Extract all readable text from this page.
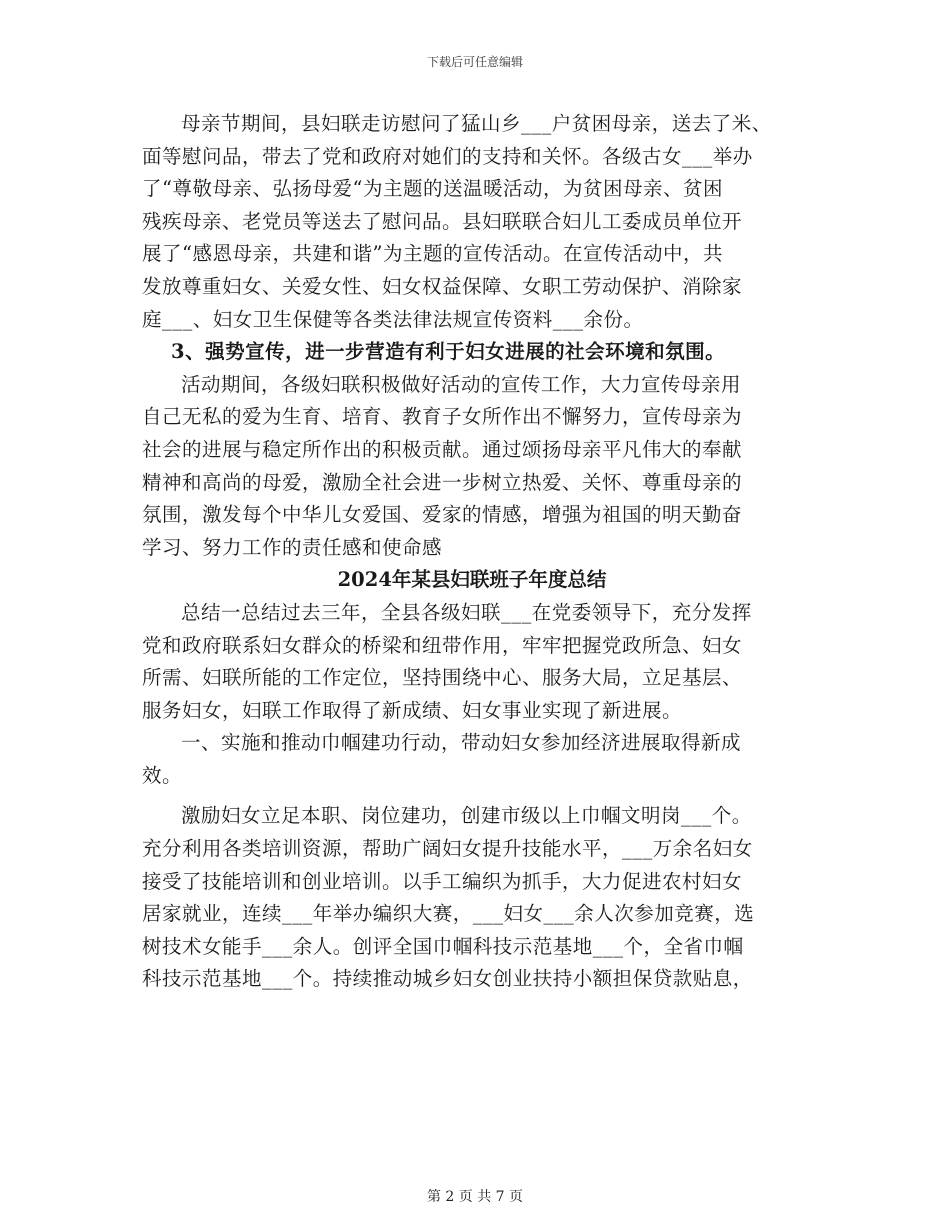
下载后可任意编辑

母亲节期间，县妇联走访慰问了猛山乡___户贫困母亲，送去了米、
面等慰问品，带去了党和政府对她们的支持和关怀。各级古女___举办
了“尊敬母亲、弘扬母爱“为主题的送温暖活动，为贫困母亲、贫困
残疾母亲、老党员等送去了慰问品。县妇联联合妇儿工委成员单位开
展了“感恩母亲，共建和谐”为主题的宣传活动。在宣传活动中，共
发放尊重妇女、关爱女性、妇女权益保障、女职工劳动保护、消除家
庭___、妇女卫生保健等各类法律法规宣传资料___余份。

3、强势宣传，进一步营造有利于妇女进展的社会环境和氛围。

活动期间，各级妇联积极做好活动的宣传工作，大力宣传母亲用
自己无私的爱为生育、培育、教育子女所作出不懈努力，宣传母亲为
社会的进展与稳定所作出的积极贡献。通过颂扬母亲平凡伟大的奉献
精神和高尚的母爱，激励全社会进一步树立热爱、关怀、尊重母亲的
氛围，激发每个中华儿女爱国、爱家的情感，增强为祖国的明天勤奋
学习、努力工作的责任感和使命感

2024年某县妇联班子年度总结

总结一总结过去三年，全县各级妇联___在党委领导下，充分发挥
党和政府联系妇女群众的桥梁和纽带作用，牢牢把握党政所急、妇女
所需、妇联所能的工作定位，坚持围绕中心、服务大局，立足基层、
服务妇女，妇联工作取得了新成绩、妇女事业实现了新进展。

一、实施和推动巾帼建功行动，带动妇女参加经济进展取得新成
效。

激励妇女立足本职、岗位建功，创建市级以上巾帼文明岗___个。
充分利用各类培训资源，帮助广阔妇女提升技能水平，___万余名妇女
接受了技能培训和创业培训。以手工编织为抓手，大力促进农村妇女
居家就业，连续___年举办编织大赛，___妇女___余人次参加竞赛，选
树技术女能手___余人。创评全国巾帼科技示范基地___个，全省巾帼
科技示范基地___个。持续推动城乡妇女创业扶持小额担保贷款贴息，

第 2 页 共 7 页
